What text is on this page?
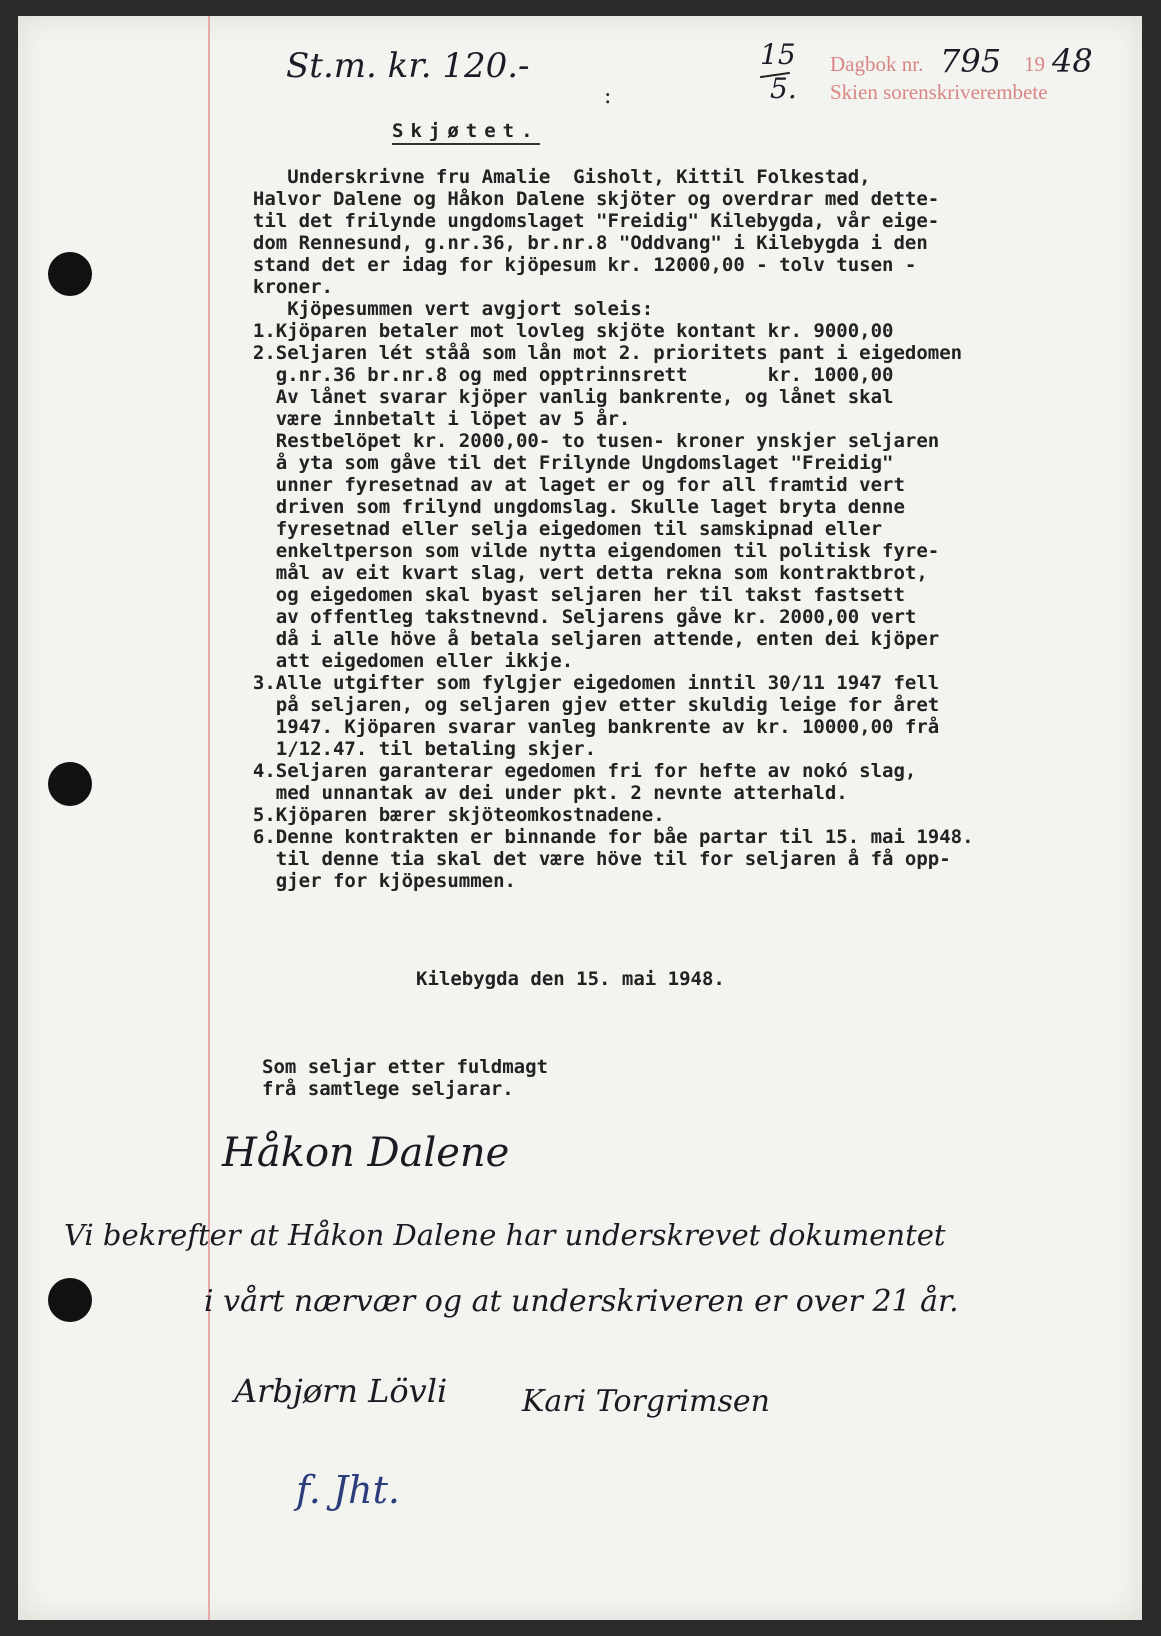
St.m. kr. 120.-	15
5.
Dagbok nr. 795 19 48
Skien sorenskriverembete
:
Skjøtet.
Underskrivne fru Amalie  Gisholt, Kittil Folkestad,
Halvor Dalene og Håkon Dalene skjöter og overdrar med dette-
til det frilynde ungdomslaget "Freidig" Kilebygda, vår eige-
dom Rennesund, g.nr.36, br.nr.8 "Oddvang" i Kilebygda i den
stand det er idag for kjöpesum kr. 12000,00 - tolv tusen -
kroner.
Kjöpesummen vert avgjort soleis:
1.Kjöparen betaler mot lovleg skjöte kontant kr. 9000,00
2.Seljaren lét ståå som lån mot 2. prioritets pant i eigedomen
g.nr.36 br.nr.8 og med opptrinnsrett       kr. 1000,00
Av lånet svarar kjöper vanlig bankrente, og lånet skal
være innbetalt i löpet av 5 år.
Restbelöpet kr. 2000,00- to tusen- kroner ynskjer seljaren
å yta som gåve til det Frilynde Ungdomslaget "Freidig"
unner fyresetnad av at laget er og for all framtid vert
driven som frilynd ungdomslag. Skulle laget bryta denne
fyresetnad eller selja eigedomen til samskipnad eller
enkeltperson som vilde nytta eigendomen til politisk fyre-
mål av eit kvart slag, vert detta rekna som kontraktbrot,
og eigedomen skal byast seljaren her til takst fastsett
av offentleg takstnevnd. Seljarens gåve kr. 2000,00 vert
då i alle höve å betala seljaren attende, enten dei kjöper
att eigedomen eller ikkje.
3.Alle utgifter som fylgjer eigedomen inntil 30/11 1947 fell
på seljaren, og seljaren gjev etter skuldig leige for året
1947. Kjöparen svarar vanleg bankrente av kr. 10000,00 frå
1/12.47. til betaling skjer.
4.Seljaren garanterar egedomen fri for hefte av nokó slag,
med unnantak av dei under pkt. 2 nevnte atterhald.
5.Kjöparen bærer skjöteomkostnadene.
6.Denne kontrakten er binnande for båe partar til 15. mai 1948.
til denne tia skal det være höve til for seljaren å få opp-
gjer for kjöpesummen.
Kilebygda den 15. mai 1948.
Som seljar etter fuldmagt
frå samtlege seljarar.
Håkon Dalene
Vi bekrefter at Håkon Dalene har underskrevet dokumentet
i vårt nærvær og at underskriveren er over 21 år.
Arbjørn Lövli Kari Torgrimsen
f. Jht.
